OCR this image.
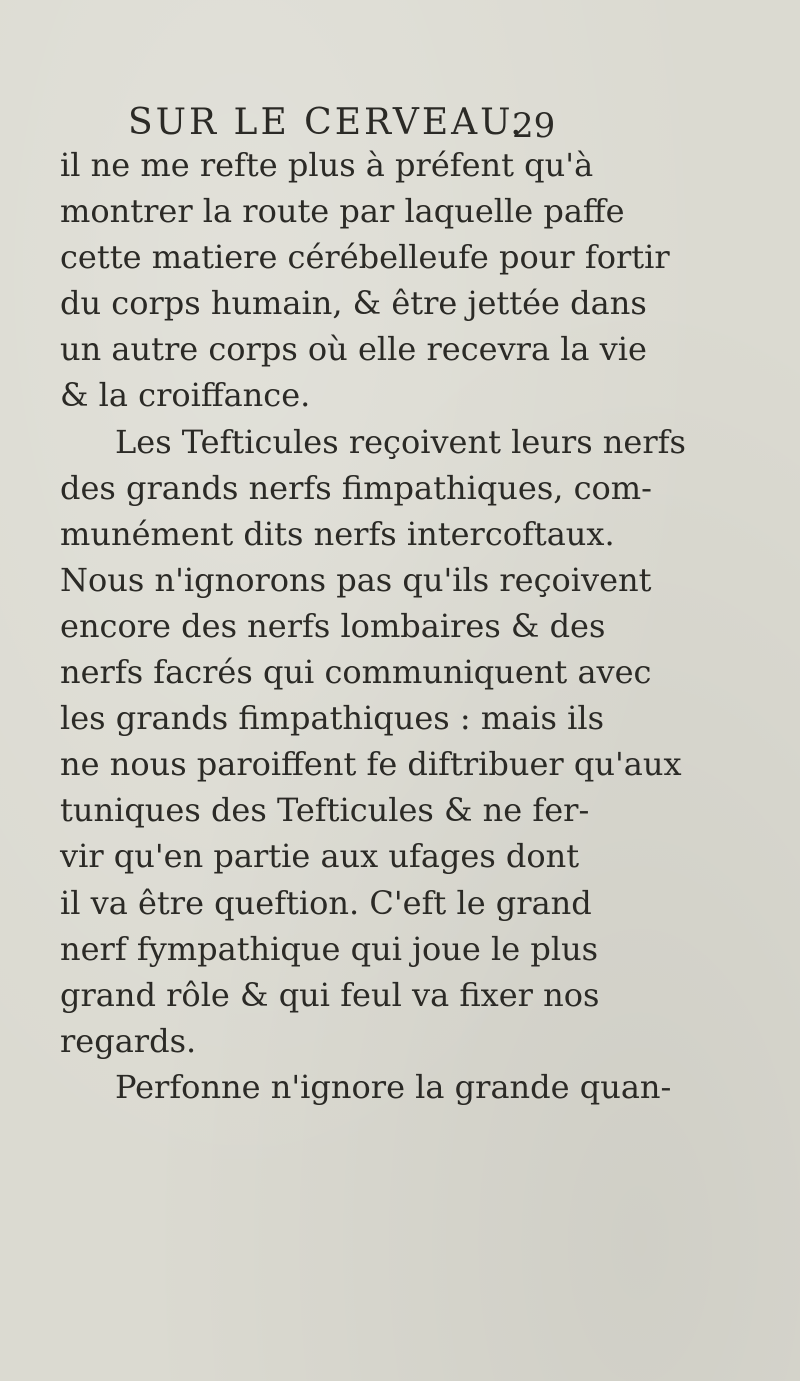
SUR LE CERVEAU.
29
il ne me refte plus à préfent qu'à
montrer la route par laquelle paffe
cette matiere cérébelleufe pour fortir
du corps humain, & être jettée dans
un autre corps où elle recevra la vie
& la croiffance.
Les Tefticules reçoivent leurs nerfs
des grands nerfs fimpathiques, com-
munément dits nerfs intercoftaux.
Nous n'ignorons pas qu'ils reçoivent
encore des nerfs lombaires & des
nerfs facrés qui communiquent avec
les grands fimpathiques : mais ils
ne nous paroiffent fe diftribuer qu'aux
tuniques des Tefticules & ne fer-
vir qu'en partie aux ufages dont
il va être queftion. C'eft le grand
nerf fympathique qui joue le plus
grand rôle & qui feul va fixer nos
regards.
Perfonne n'ignore la grande quan-
